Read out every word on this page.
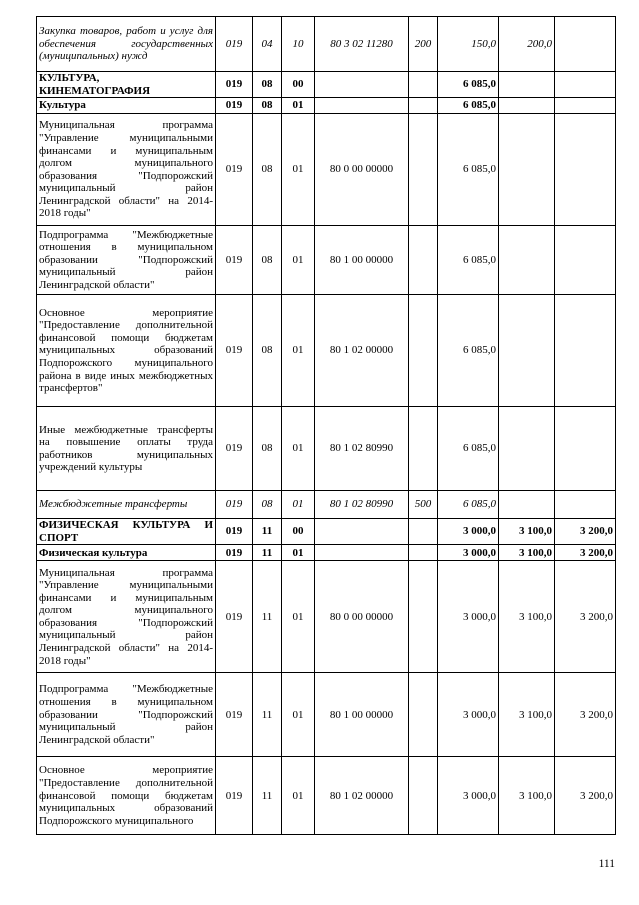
Закупка товаров, работ и услуг для обеспечения государственных (муниципальных) нужд	019	04	10	80 3 02 11280	200	150,0	200,0	
КУЛЬТУРА, КИНЕМАТОГРАФИЯ	019	08	00			6 085,0		
Культура	019	08	01			6 085,0		
Муниципальная программа "Управление муниципальными финансами и муниципальным долгом муниципального образования "Подпорожский муниципальный район Ленинградской области" на 2014-2018 годы"	019	08	01	80 0 00 00000		6 085,0		
Подпрограмма "Межбюджетные отношения в муниципальном образовании "Подпорожский муниципальный район Ленинградской области"	019	08	01	80 1 00 00000		6 085,0		
Основное мероприятие "Предоставление дополнительной финансовой помощи бюджетам муниципальных образований Подпорожского муниципального района в виде иных межбюджетных трансфертов"	019	08	01	80 1 02 00000		6 085,0		
Иные межбюджетные трансферты на повышение оплаты труда работников муниципальных учреждений культуры	019	08	01	80 1 02 80990		6 085,0		
Межбюджетные трансферты	019	08	01	80 1 02 80990	500	6 085,0		
ФИЗИЧЕСКАЯ КУЛЬТУРА И СПОРТ	019	11	00			3 000,0	3 100,0	3 200,0
Физическая культура	019	11	01			3 000,0	3 100,0	3 200,0
Муниципальная программа "Управление муниципальными финансами и муниципальным долгом муниципального образования "Подпорожский муниципальный район Ленинградской области" на 2014-2018 годы"	019	11	01	80 0 00 00000		3 000,0	3 100,0	3 200,0
Подпрограмма "Межбюджетные отношения в муниципальном образовании "Подпорожский муниципальный район Ленинградской области"	019	11	01	80 1 00 00000		3 000,0	3 100,0	3 200,0
Основное мероприятие "Предоставление дополнительной финансовой помощи бюджетам муниципальных образований Подпорожского муниципального	019	11	01	80 1 02 00000		3 000,0	3 100,0	3 200,0
111
